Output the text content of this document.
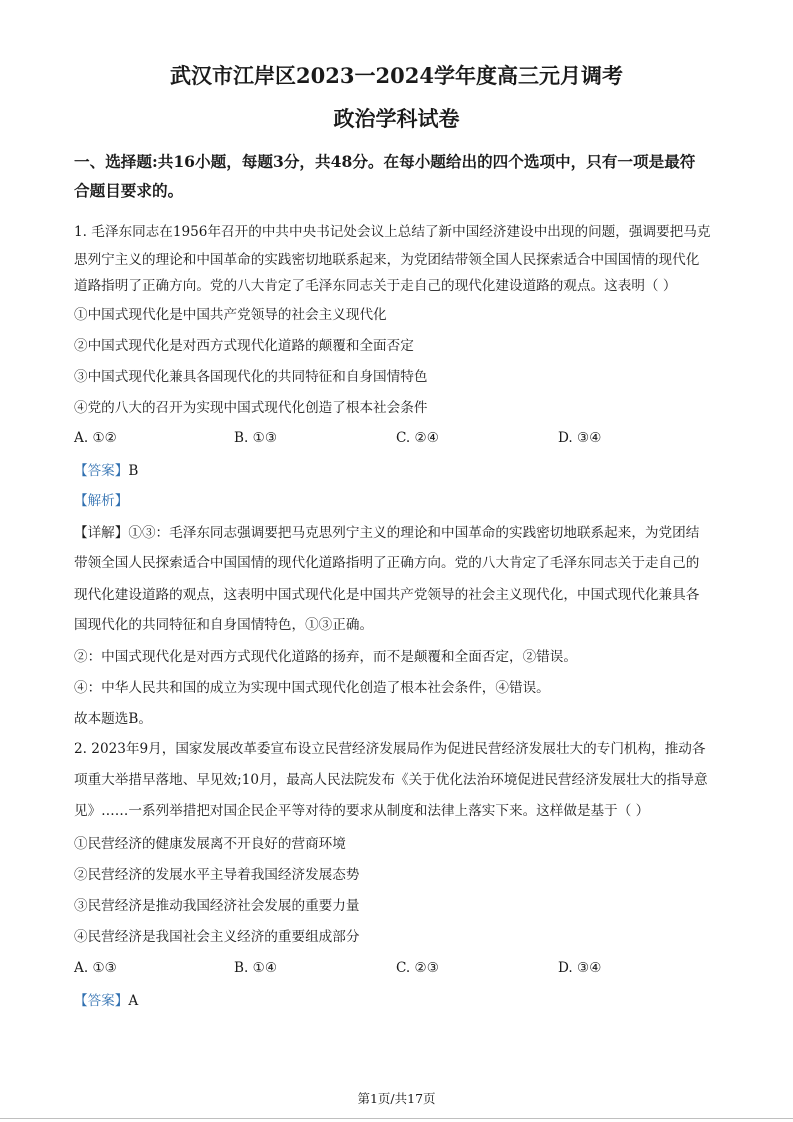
武汉市江岸区2023一2024学年度高三元月调考
政治学科试卷
一、选择题:共16小题，每题3分，共48分。在每小题给出的四个选项中，只有一项是最符
合题目要求的。
1. 毛泽东同志在1956年召开的中共中央书记处会议上总结了新中国经济建设中出现的问题，强调要把马克
思列宁主义的理论和中国革命的实践密切地联系起来，为党团结带领全国人民探索适合中国国情的现代化
道路指明了正确方向。党的八大肯定了毛泽东同志关于走自己的现代化建设道路的观点。这表明（ ）
①中国式现代化是中国共产党领导的社会主义现代化
②中国式现代化是对西方式现代化道路的颠覆和全面否定
③中国式现代化兼具各国现代化的共同特征和自身国情特色
④党的八大的召开为实现中国式现代化创造了根本社会条件
A. ①②	B. ①③	C. ②④	D. ③④
【答案】B
【解析】
【详解】①③：毛泽东同志强调要把马克思列宁主义的理论和中国革命的实践密切地联系起来，为党团结
带领全国人民探索适合中国国情的现代化道路指明了正确方向。党的八大肯定了毛泽东同志关于走自己的
现代化建设道路的观点，这表明中国式现代化是中国共产党领导的社会主义现代化，中国式现代化兼具各
国现代化的共同特征和自身国情特色，①③正确。
②：中国式现代化是对西方式现代化道路的扬弃，而不是颠覆和全面否定，②错误。
④：中华人民共和国的成立为实现中国式现代化创造了根本社会条件，④错误。
故本题选B。
2. 2023年9月，国家发展改革委宣布设立民营经济发展局作为促进民营经济发展壮大的专门机构，推动各
项重大举措早落地、早见效;10月，最高人民法院发布《关于优化法治环境促进民营经济发展壮大的指导意
见》……一系列举措把对国企民企平等对待的要求从制度和法律上落实下来。这样做是基于（ ）
①民营经济的健康发展离不开良好的营商环境
②民营经济的发展水平主导着我国经济发展态势
③民营经济是推动我国经济社会发展的重要力量
④民营经济是我国社会主义经济的重要组成部分
A. ①③	B. ①④	C. ②③	D. ③④
【答案】A
第1页/共17页
